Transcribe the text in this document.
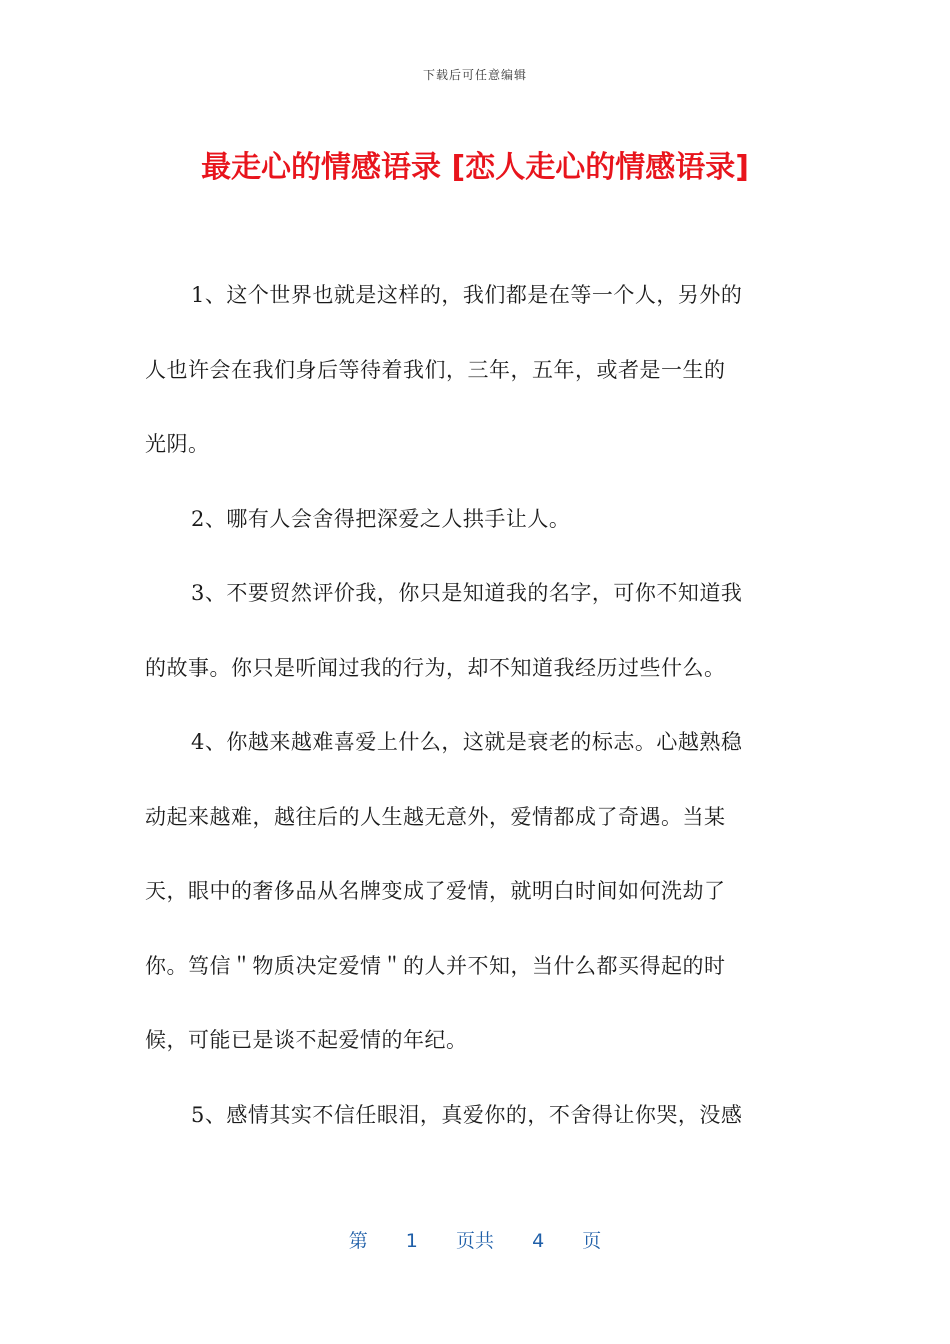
下载后可任意编辑
最走心的情感语录 [恋人走心的情感语录]
1、这个世界也就是这样的，我们都是在等一个人，另外的
人也许会在我们身后等待着我们，三年，五年，或者是一生的
光阴。
2、哪有人会舍得把深爱之人拱手让人。
3、不要贸然评价我，你只是知道我的名字，可你不知道我
的故事。你只是听闻过我的行为，却不知道我经历过些什么。
4、你越来越难喜爱上什么，这就是衰老的标志。心越熟稳
动起来越难，越往后的人生越无意外，爱情都成了奇遇。当某
天，眼中的奢侈品从名牌变成了爱情，就明白时间如何洗劫了
你。笃信＂物质决定爱情＂的人并不知，当什么都买得起的时
候，可能已是谈不起爱情的年纪。
5、感情其实不信任眼泪，真爱你的，不舍得让你哭，没感
第 1 页共 4 页
